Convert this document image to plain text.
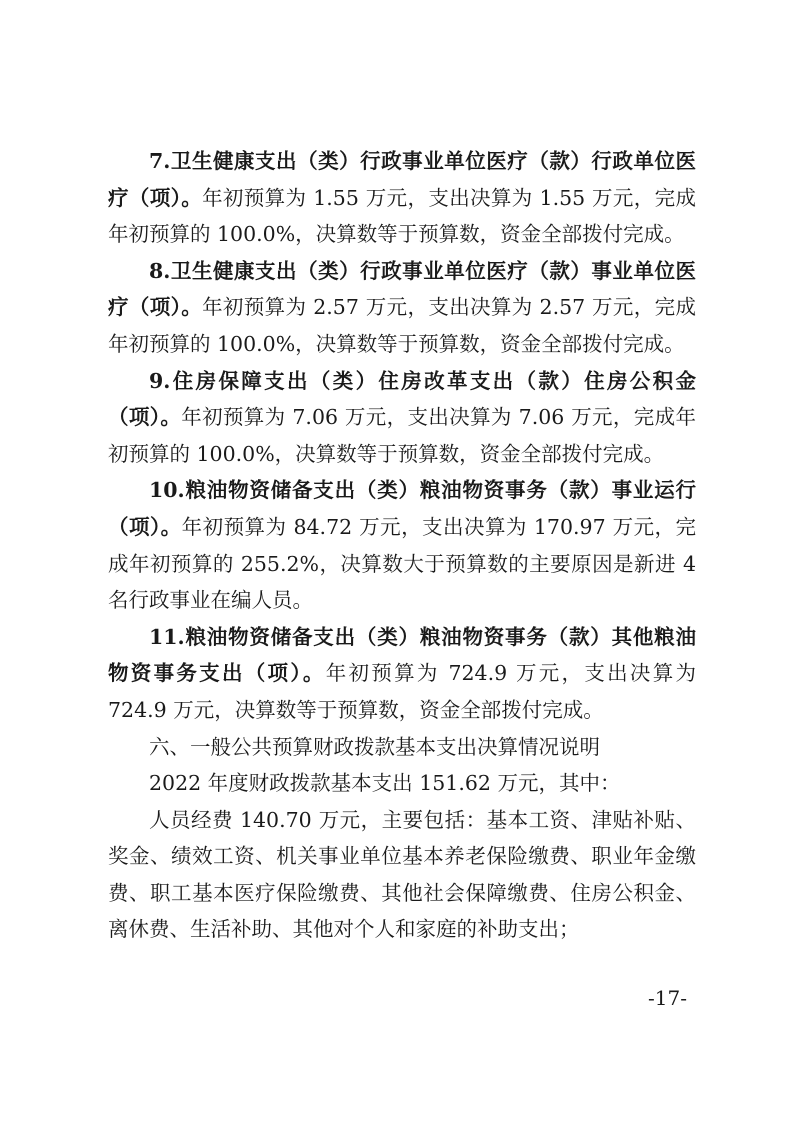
7.卫生健康支出（类）行政事业单位医疗（款）行政单位医疗（项）。年初预算为 1.55 万元，支出决算为 1.55 万元，完成年初预算的 100.0%，决算数等于预算数，资金全部拨付完成。

8.卫生健康支出（类）行政事业单位医疗（款）事业单位医疗（项）。年初预算为 2.57 万元，支出决算为 2.57 万元，完成年初预算的 100.0%，决算数等于预算数，资金全部拨付完成。

9.住房保障支出（类）住房改革支出（款）住房公积金（项）。年初预算为 7.06 万元，支出决算为 7.06 万元，完成年初预算的 100.0%，决算数等于预算数，资金全部拨付完成。

10.粮油物资储备支出（类）粮油物资事务（款）事业运行（项）。年初预算为 84.72 万元，支出决算为 170.97 万元，完成年初预算的 255.2%，决算数大于预算数的主要原因是新进 4 名行政事业在编人员。

11.粮油物资储备支出（类）粮油物资事务（款）其他粮油物资事务支出（项）。年初预算为 724.9 万元，支出决算为 724.9 万元，决算数等于预算数，资金全部拨付完成。

六、一般公共预算财政拨款基本支出决算情况说明

2022 年度财政拨款基本支出 151.62 万元，其中：

人员经费 140.70 万元，主要包括：基本工资、津贴补贴、奖金、绩效工资、机关事业单位基本养老保险缴费、职业年金缴费、职工基本医疗保险缴费、其他社会保障缴费、住房公积金、离休费、生活补助、其他对个人和家庭的补助支出；

-17-
